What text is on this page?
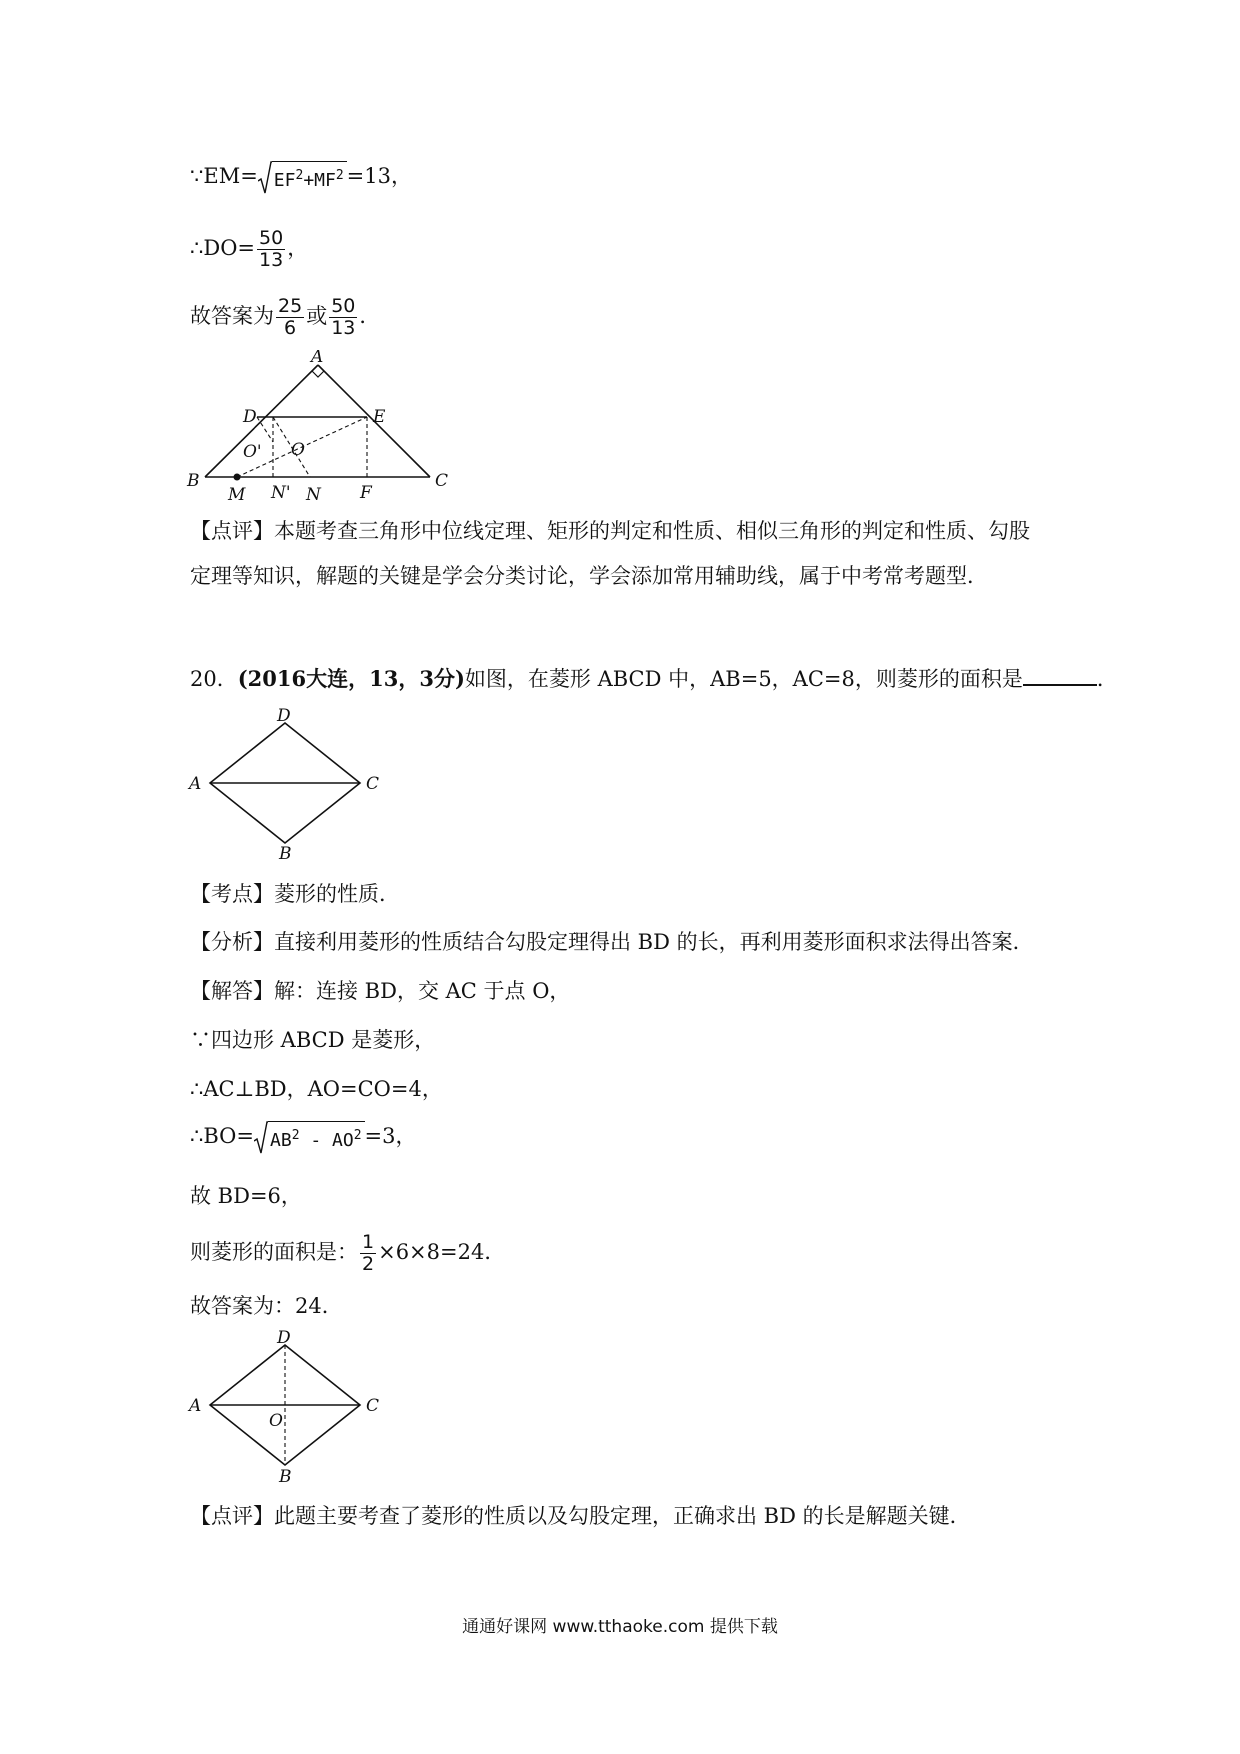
∵EM= $EF^2+MF^2 =13$，
∴DO= $\frac{50}{13}$ ，
故答案为 $\frac{25}{6}$ 或 $\frac{50}{13}$ ．
A
B	C
D	E
F
M N' N
O
O'
【点评】本题考查三角形中位线定理、矩形的判定和性质、相似三角形的判定和性质、勾股
定理等知识，解题的关键是学会分类讨论，学会添加常用辅助线，属于中考常考题型．
20．(2016大连，13，3分)如图，在菱形 ABCD 中，AB=5，AC=8，则菱形的面积是	．
D
A	C
B
【考点】菱形的性质．
【分析】直接利用菱形的性质结合勾股定理得出 BD 的长，再利用菱形面积求法得出答案．
【解答】解：连接 BD，交 AC 于点 O，
∵四边形 ABCD 是菱形，
∴AC⊥BD，AO=CO=4，
∴BO= $AB^2 - AO^2 =3$，
故 BD=6，
则菱形的面积是： $\frac{1}{2} \times 6\times 8=24$．
故答案为：24．
D
A	C
B
O
【点评】此题主要考查了菱形的性质以及勾股定理，正确求出 BD 的长是解题关键．
通通好课网 www.tthaoke.com 提供下载
